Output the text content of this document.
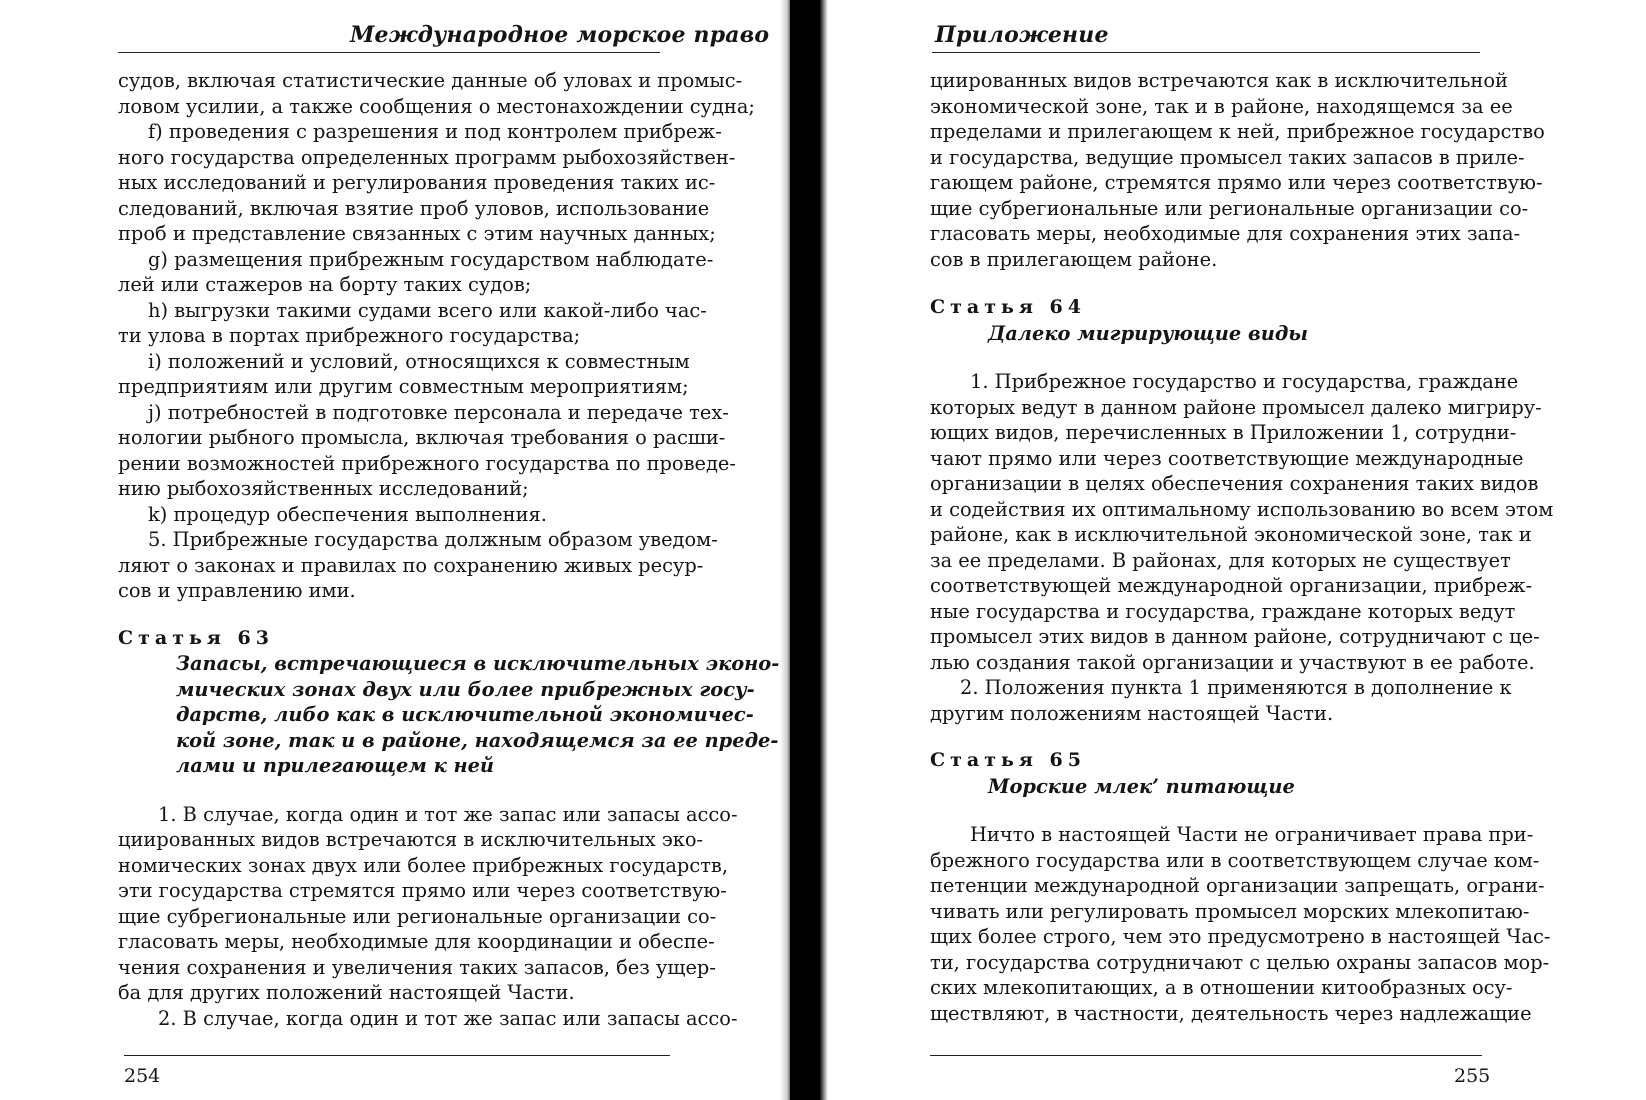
Международное морское право
судов, включая статистические данные об уловах и промыс-
ловом усилии, а также сообщения о местонахождении судна;
f) проведения с разрешения и под контролем прибреж-
ного государства определенных программ рыбохозяйствен-
ных исследований и регулирования проведения таких ис-
следований, включая взятие проб уловов, использование
проб и представление связанных с этим научных данных;
g) размещения прибрежным государством наблюдате-
лей или стажеров на борту таких судов;
h) выгрузки такими судами всего или какой-либо час-
ти улова в портах прибрежного государства;
i) положений и условий, относящихся к совместным
предприятиям или другим совместным мероприятиям;
j) потребностей в подготовке персонала и передаче тех-
нологии рыбного промысла, включая требования о расши-
рении возможностей прибрежного государства по проведе-
нию рыбохозяйственных исследований;
k) процедур обеспечения выполнения.
5. Прибрежные государства должным образом уведом-
ляют о законах и правилах по сохранению живых ресур-
сов и управлению ими.
Статья 63
Запасы, встречающиеся в исключительных эконо-
мических зонах двух или более прибрежных госу-
дарств, либо как в исключительной экономичес-
кой зоне, так и в районе, находящемся за ее преде-
лами и прилегающем к ней
1. В случае, когда один и тот же запас или запасы ассо-
циированных видов встречаются в исключительных эко-
номических зонах двух или более прибрежных государств,
эти государства стремятся прямо или через соответствую-
щие субрегиональные или региональные организации со-
гласовать меры, необходимые для координации и обеспе-
чения сохранения и увеличения таких запасов, без ущер-
ба для других положений настоящей Части.
2. В случае, когда один и тот же запас или запасы ассо-
254
Приложение
циированных видов встречаются как в исключительной
экономической зоне, так и в районе, находящемся за ее
пределами и прилегающем к ней, прибрежное государство
и государства, ведущие промысел таких запасов в приле-
гающем районе, стремятся прямо или через соответствую-
щие субрегиональные или региональные организации со-
гласовать меры, необходимые для сохранения этих запа-
сов в прилегающем районе.
Статья 64
Далеко мигрирующие виды
1. Прибрежное государство и государства, граждане
которых ведут в данном районе промысел далеко мигриру-
ющих видов, перечисленных в Приложении 1, сотрудни-
чают прямо или через соответствующие международные
организации в целях обеспечения сохранения таких видов
и содействия их оптимальному использованию во всем этом
районе, как в исключительной экономической зоне, так и
за ее пределами. В районах, для которых не существует
соответствующей международной организации, прибреж-
ные государства и государства, граждане которых ведут
промысел этих видов в данном районе, сотрудничают с це-
лью создания такой организации и участвуют в ее работе.
2. Положения пункта 1 применяются в дополнение к
другим положениям настоящей Части.
Статья 65
Морские млек’ питающие
Ничто в настоящей Части не ограничивает права при-
брежного государства или в соответствующем случае ком-
петенции международной организации запрещать, ограни-
чивать или регулировать промысел морских млекопитаю-
щих более строго, чем это предусмотрено в настоящей Час-
ти, государства сотрудничают с целью охраны запасов мор-
ских млекопитающих, а в отношении китообразных осу-
ществляют, в частности, деятельность через надлежащие
255
